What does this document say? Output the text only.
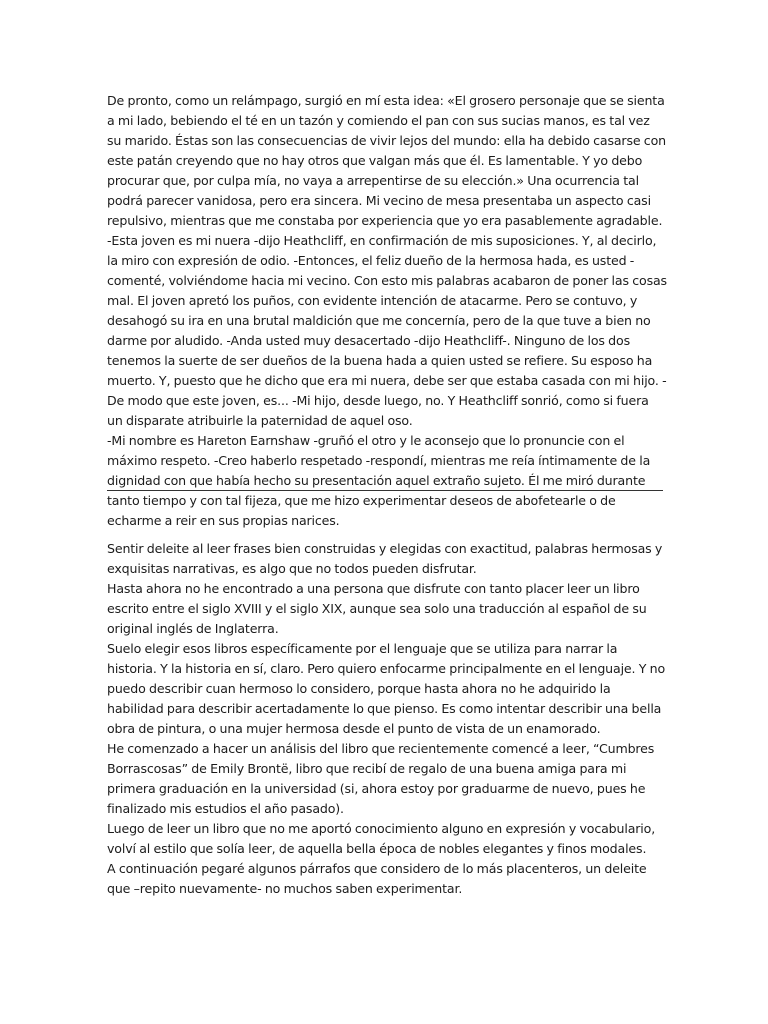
De pronto, como un relámpago, surgió en mí esta idea: «El grosero personaje que se sienta a mi lado, bebiendo el té en un tazón y comiendo el pan con sus sucias manos, es tal vez su marido. Éstas son las consecuencias de vivir lejos del mundo: ella ha debido casarse con este patán creyendo que no hay otros que valgan más que él. Es lamentable. Y yo debo procurar que, por culpa mía, no vaya a arrepentirse de su elección.» Una ocurrencia tal podrá parecer vanidosa, pero era sincera. Mi vecino de mesa presentaba un aspecto casi repulsivo, mientras que me constaba por experiencia que yo era pasablemente agradable.

-Esta joven es mi nuera -dijo Heathcliff, en confirmación de mis suposiciones. Y, al decirlo, la miro con expresión de odio. -Entonces, el feliz dueño de la hermosa hada, es usted -comenté, volviéndome hacia mi vecino. Con esto mis palabras acabaron de poner las cosas mal. El joven apretó los puños, con evidente intención de atacarme. Pero se contuvo, y desahogó su ira en una brutal maldición que me concernía, pero de la que tuve a bien no darme por aludido. -Anda usted muy desacertado -dijo Heathcliff-. Ninguno de los dos tenemos la suerte de ser dueños de la buena hada a quien usted se refiere. Su esposo ha muerto. Y, puesto que he dicho que era mi nuera, debe ser que estaba casada con mi hijo. -De modo que este joven, es... -Mi hijo, desde luego, no. Y Heathcliff sonrió, como si fuera un disparate atribuirle la paternidad de aquel oso.

-Mi nombre es Hareton Earnshaw -gruñó el otro y le aconsejo que lo pronuncie con el máximo respeto. -Creo haberlo respetado -respondí, mientras me reía íntimamente de la dignidad con que había hecho su presentación aquel extraño sujeto. Él me miró durante tanto tiempo y con tal fijeza, que me hizo experimentar deseos de abofetearle o de echarme a reir en sus propias narices.

Sentir deleite al leer frases bien construidas y elegidas con exactitud, palabras hermosas y exquisitas narrativas, es algo que no todos pueden disfrutar.

Hasta ahora no he encontrado a una persona que disfrute con tanto placer leer un libro escrito entre el siglo XVIII y el siglo XIX, aunque sea solo una traducción al español de su original inglés de Inglaterra.

Suelo elegir esos libros específicamente por el lenguaje que se utiliza para narrar la historia. Y la historia en sí, claro. Pero quiero enfocarme principalmente en el lenguaje. Y no puedo describir cuan hermoso lo considero, porque hasta ahora no he adquirido la habilidad para describir acertadamente lo que pienso. Es como intentar describir una bella obra de pintura, o una mujer hermosa desde el punto de vista de un enamorado.

He comenzado a hacer un análisis del libro que recientemente comencé a leer, “Cumbres Borrascosas” de Emily Brontë, libro que recibí de regalo de una buena amiga para mi primera graduación en la universidad (si, ahora estoy por graduarme de nuevo, pues he finalizado mis estudios el año pasado).

Luego de leer un libro que no me aportó conocimiento alguno en expresión y vocabulario, volví al estilo que solía leer, de aquella bella época de nobles elegantes y finos modales.

A continuación pegaré algunos párrafos que considero de lo más placenteros, un deleite que –repito nuevamente- no muchos saben experimentar.
